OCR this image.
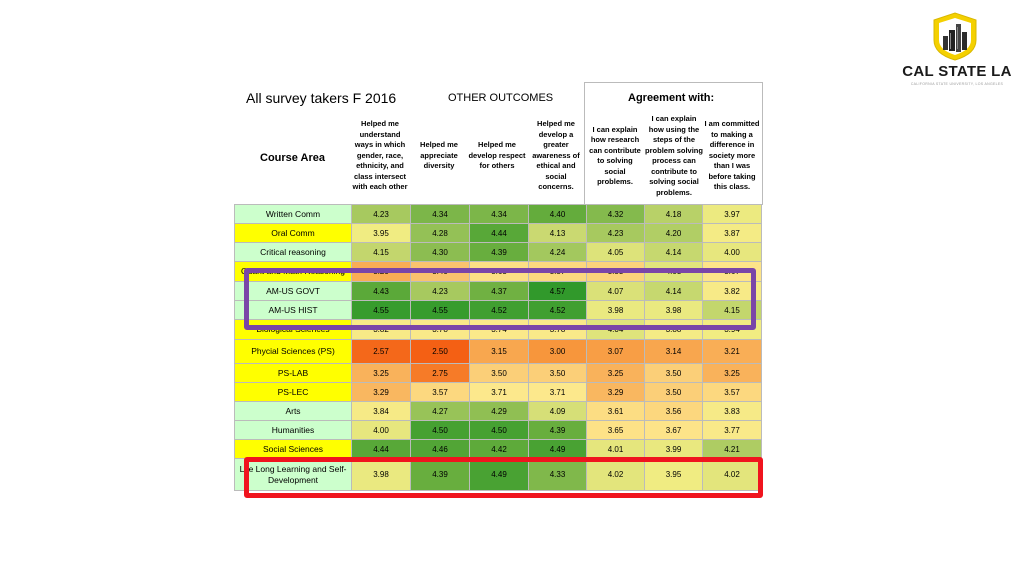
CAL STATE LA
CALIFORNIA STATE UNIVERSITY, LOS ANGELES
All survey takers F 2016	OTHER OUTCOMES	Agreement with:
Course Area
Helped me understand ways in which gender, race, ethnicity, and class intersect with each other
Helped me appreciate diversity
Helped me develop respect for others
Helped me develop a greater awareness of ethical and social concerns.
I can explain how research can contribute to solving social problems.
I can explain how using the steps of the problem solving process can contribute to solving social problems.
I am committed to making a difference in society more than I was before taking this class.
Written Comm	4.23	4.34	4.34	4.40	4.32	4.18	3.97
Oral Comm	3.95	4.28	4.44	4.13	4.23	4.20	3.87
Critical reasoning	4.15	4.30	4.39	4.24	4.05	4.14	4.00
Quant and Math Reasoning	3.20	3.40	3.63	3.57	3.53	4.03	3.67
AM-US GOVT	4.43	4.23	4.37	4.57	4.07	4.14	3.82
AM-US HIST	4.55	4.55	4.52	4.52	3.98	3.98	4.15
Biological Sciences	3.82	3.78	3.74	3.78	4.04	3.88	3.94
Phycial Sciences (PS)	2.57	2.50	3.15	3.00	3.07	3.14	3.21
PS-LAB	3.25	2.75	3.50	3.50	3.25	3.50	3.25
PS-LEC	3.29	3.57	3.71	3.71	3.29	3.50	3.57
Arts	3.84	4.27	4.29	4.09	3.61	3.56	3.83
Humanities	4.00	4.50	4.50	4.39	3.65	3.67	3.77
Social Sciences	4.44	4.46	4.42	4.49	4.01	3.99	4.21
Life Long Learning and Self-Development	3.98	4.39	4.49	4.33	4.02	3.95	4.02
